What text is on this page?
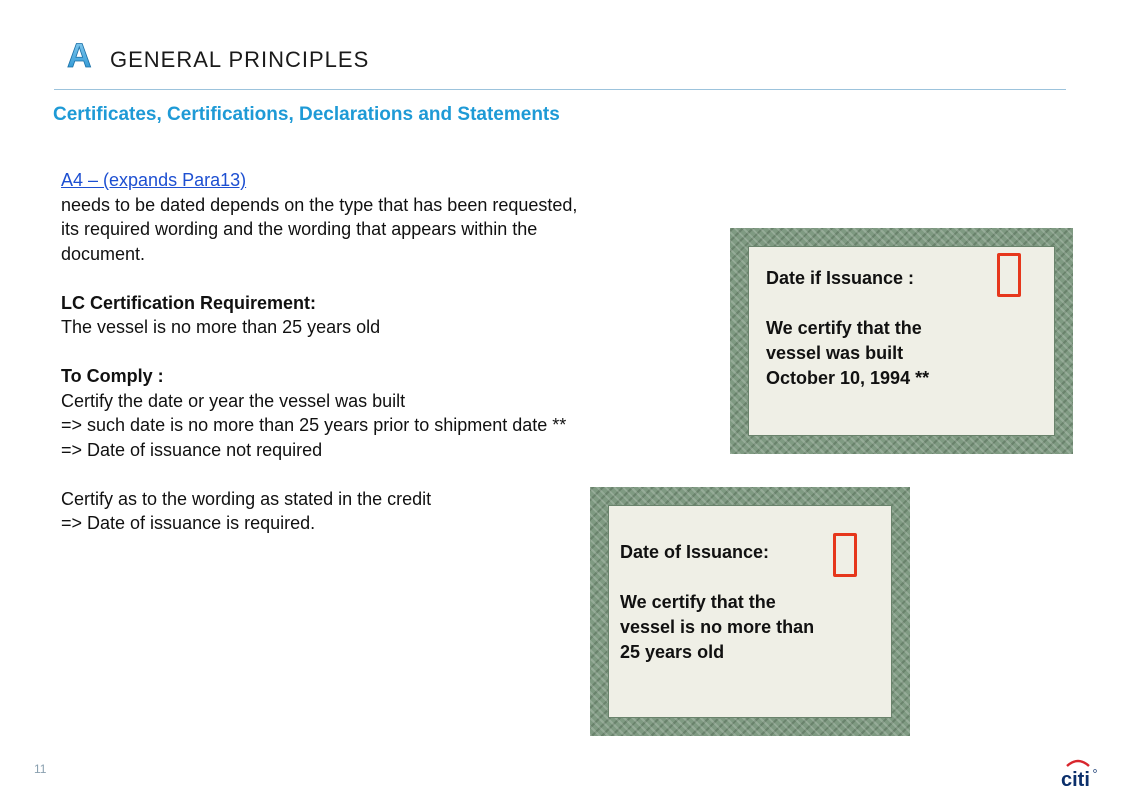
A GENERAL PRINCIPLES
Certificates, Certifications, Declarations and Statements

A4 – (expands Para13)

needs to be dated depends on the type that has been requested,

its required wording and the wording that appears within the

document.

LC Certification Requirement:

The vessel is no more than 25 years old

To Comply :

Certify the date or year the vessel was built

=> such date is no more than 25 years prior to shipment date **

=> Date of issuance not required

Certify as to the wording as stated in the credit

=> Date of issuance is required.

Date if Issuance :

We certify that the

vessel was built

October 10, 1994 **

Date of Issuance:

We certify that the

vessel is no more than

25 years old

11	citi
